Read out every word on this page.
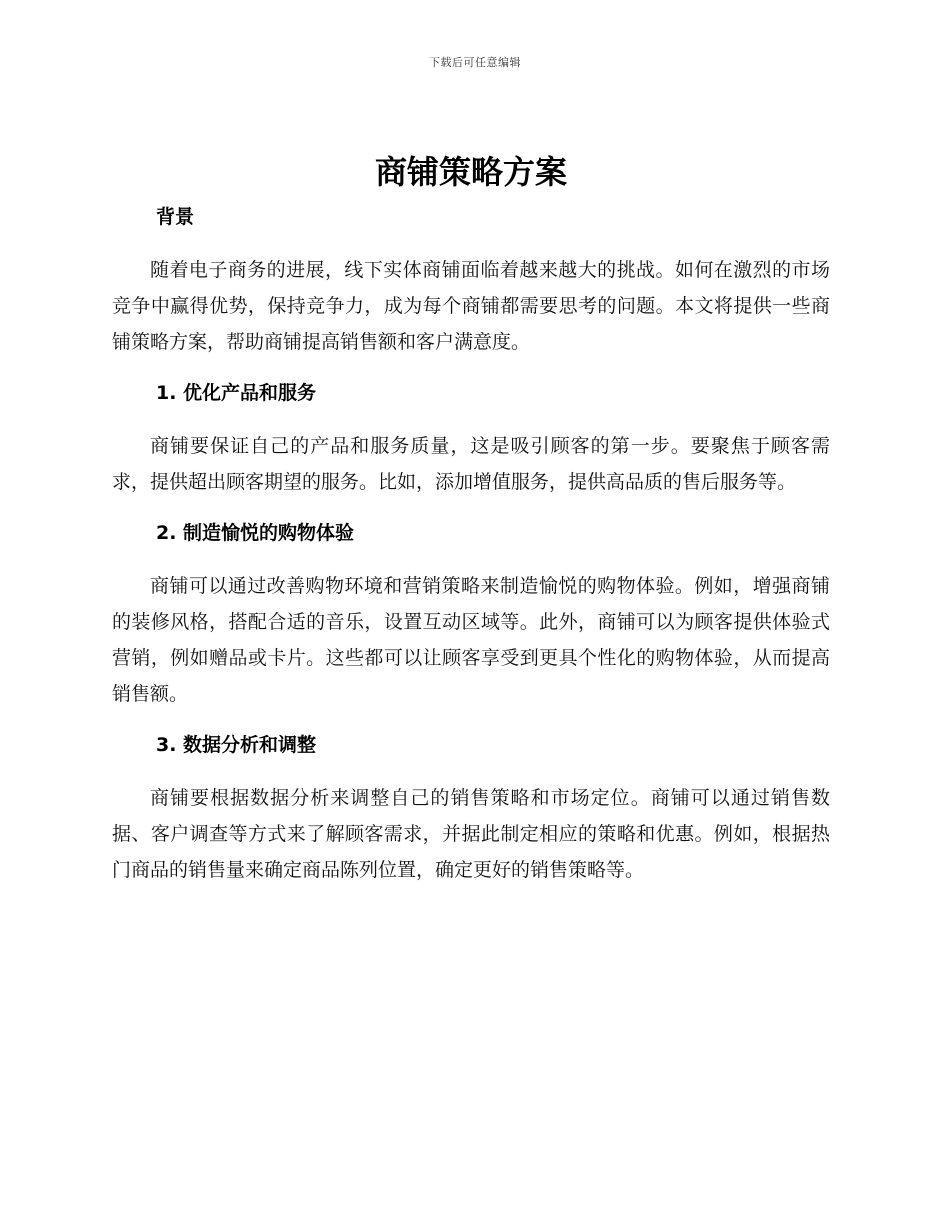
下载后可任意编辑
商铺策略方案
背景

随着电子商务的进展，线下实体商铺面临着越来越大的挑战。如何在激烈的市场竞争中赢得优势，保持竞争力，成为每个商铺都需要思考的问题。本文将提供一些商铺策略方案，帮助商铺提高销售额和客户满意度。

1. 优化产品和服务

商铺要保证自己的产品和服务质量，这是吸引顾客的第一步。要聚焦于顾客需求，提供超出顾客期望的服务。比如，添加增值服务，提供高品质的售后服务等。

2. 制造愉悦的购物体验

商铺可以通过改善购物环境和营销策略来制造愉悦的购物体验。例如，增强商铺的装修风格，搭配合适的音乐，设置互动区域等。此外，商铺可以为顾客提供体验式营销，例如赠品或卡片。这些都可以让顾客享受到更具个性化的购物体验，从而提高销售额。

3. 数据分析和调整

商铺要根据数据分析来调整自己的销售策略和市场定位。商铺可以通过销售数据、客户调查等方式来了解顾客需求，并据此制定相应的策略和优惠。例如，根据热门商品的销售量来确定商品陈列位置，确定更好的销售策略等。
